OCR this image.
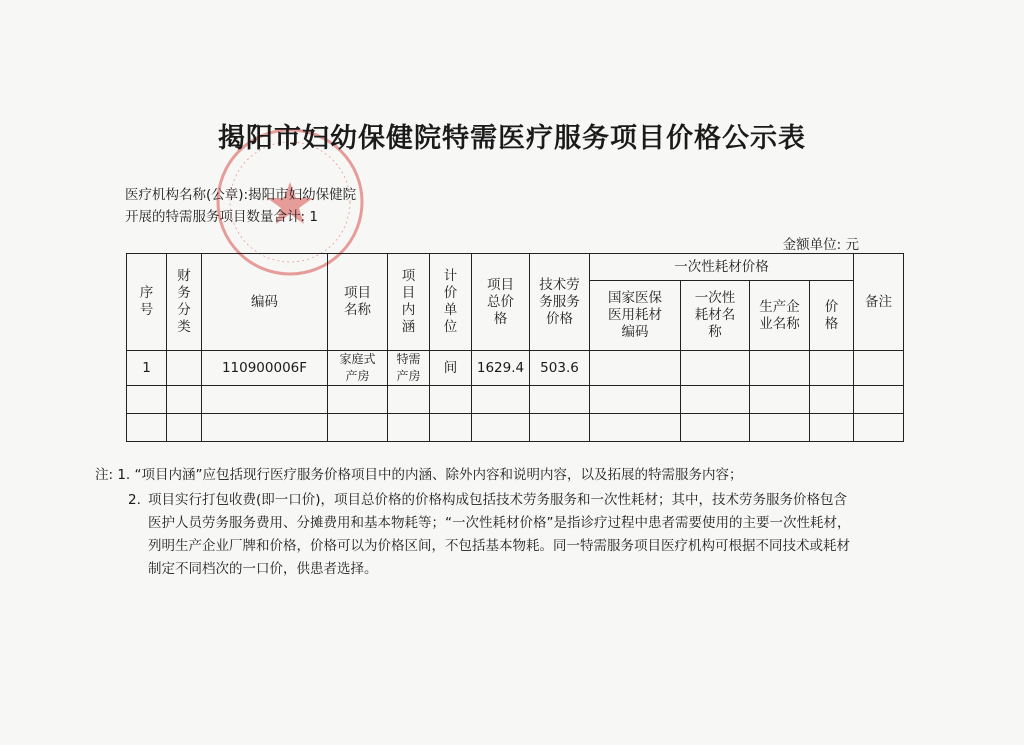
揭阳市妇幼保健院特需医疗服务项目价格公示表
医疗机构名称(公章):揭阳市妇幼保健院
开展的特需服务项目数量合计: 1
金额单位: 元
序号	财务分类	编码	项目名称	项目内涵	计价单位	项目总价格	技术劳务服务价格	一次性耗材价格				备注
								国家医保医用耗材编码	一次性耗材名称	生产企业名称	价格	
1		110900006F	家庭式产房	特需产房	间	1629.4	503.6					

注: 1. “项目内涵”应包括现行医疗服务价格项目中的内涵、除外内容和说明内容，以及拓展的特需服务内容；
2. 项目实行打包收费(即一口价)，项目总价格的价格构成包括技术劳务服务和一次性耗材；其中，技术劳务服务价格包含医护人员劳务服务费用、分摊费用和基本物耗等；“一次性耗材价格”是指诊疗过程中患者需要使用的主要一次性耗材，列明生产企业厂牌和价格，价格可以为价格区间，不包括基本物耗。同一特需服务项目医疗机构可根据不同技术或耗材制定不同档次的一口价，供患者选择。
